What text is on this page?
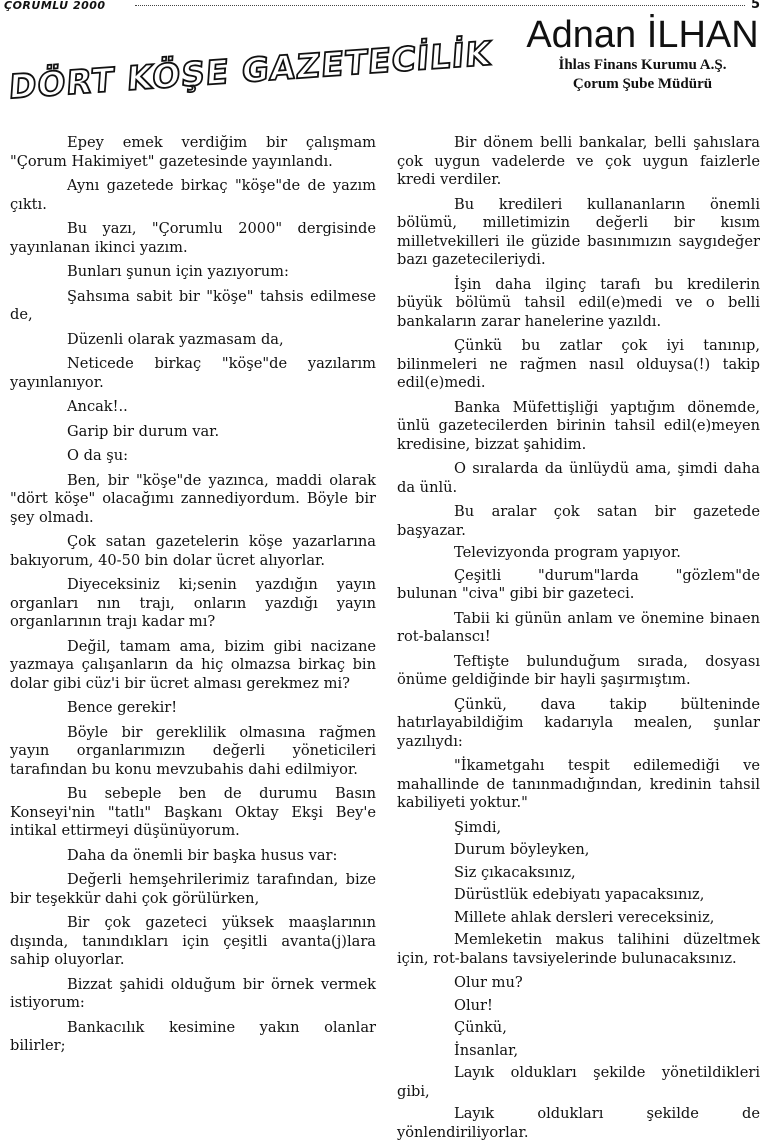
ÇORUMLU 2000	5
DÖRT KÖŞE GAZETECİLİK Adnan İLHAN
İhlas Finans Kurumu A.Ş.
Çorum Şube Müdürü

Epey emek verdiğim bir çalışmam "Çorum Hakimiyet" gazetesinde yayınlandı.

Aynı gazetede birkaç "köşe"de de yazım çıktı.

Bu yazı, "Çorumlu 2000" dergisinde yayınlanan ikinci yazım.

Bunları şunun için yazıyorum:

Şahsıma sabit bir "köşe" tahsis edilmese de,

Düzenli olarak yazmasam da,

Neticede birkaç "köşe"de yazılarım yayınlanıyor.

Ancak!..

Garip bir durum var.

O da şu:

Ben, bir "köşe"de yazınca, maddi olarak "dört köşe" olacağımı zannediyordum. Böyle bir şey olmadı.

Çok satan gazetelerin köşe yazarlarına bakıyorum, 40-50 bin dolar ücret alıyorlar.

Diyeceksiniz ki;senin yazdığın yayın organları nın trajı, onların yazdığı yayın organlarının trajı kadar mı?

Değil, tamam ama, bizim gibi nacizane yazmaya çalışanların da hiç olmazsa birkaç bin dolar gibi cüz'i bir ücret alması gerekmez mi?

Bence gerekir!

Böyle bir gereklilik olmasına rağmen yayın organlarımızın değerli yöneticileri tarafından bu konu mevzubahis dahi edilmiyor.

Bu sebeple ben de durumu Basın Konseyi'nin "tatlı" Başkanı Oktay Ekşi Bey'e intikal ettirmeyi düşünüyorum.

Daha da önemli bir başka husus var:

Değerli hemşehrilerimiz tarafından, bize bir teşekkür dahi çok görülürken,

Bir çok gazeteci yüksek maaşlarının dışında, tanındıkları için çeşitli avanta(j)lara sahip oluyorlar.

Bizzat şahidi olduğum bir örnek vermek istiyorum:

Bankacılık kesimine yakın olanlar bilirler;

Bir dönem belli bankalar, belli şahıslara çok uygun vadelerde ve çok uygun faizlerle kredi verdiler.

Bu kredileri kullananların önemli bölümü, milletimizin değerli bir kısım milletvekilleri ile güzide basınımızın saygıdeğer bazı gazetecileriydi.

İşin daha ilginç tarafı bu kredilerin büyük bölümü tahsil edil(e)medi ve o belli bankaların zarar hanelerine yazıldı.

Çünkü bu zatlar çok iyi tanınıp, bilinmeleri ne rağmen nasıl olduysa(!) takip edil(e)medi.

Banka Müfettişliği yaptığım dönemde, ünlü gazetecilerden birinin tahsil edil(e)meyen kredisine, bizzat şahidim.

O sıralarda da ünlüydü ama, şimdi daha da ünlü.

Bu aralar çok satan bir gazetede başyazar.

Televizyonda program yapıyor.

Çeşitli "durum"larda "gözlem"de bulunan "civa" gibi bir gazeteci.

Tabii ki günün anlam ve önemine binaen rot-balanscı!

Teftişte bulunduğum sırada, dosyası önüme geldiğinde bir hayli şaşırmıştım.

Çünkü, dava takip bülteninde hatırlayabildiğim kadarıyla mealen, şunlar yazılıydı:

"İkametgahı tespit edilemediği ve mahallinde de tanınmadığından, kredinin tahsil kabiliyeti yoktur."

Şimdi,

Durum böyleyken,

Siz çıkacaksınız,

Dürüstlük edebiyatı yapacaksınız,

Millete ahlak dersleri vereceksiniz,

Memleketin makus talihini düzeltmek için, rot-balans tavsiyelerinde bulunacaksınız.

Olur mu?

Olur!

Çünkü,

İnsanlar,

Layık oldukları şekilde yönetildikleri gibi,

Layık oldukları şekilde de yönlendiriliyorlar.
